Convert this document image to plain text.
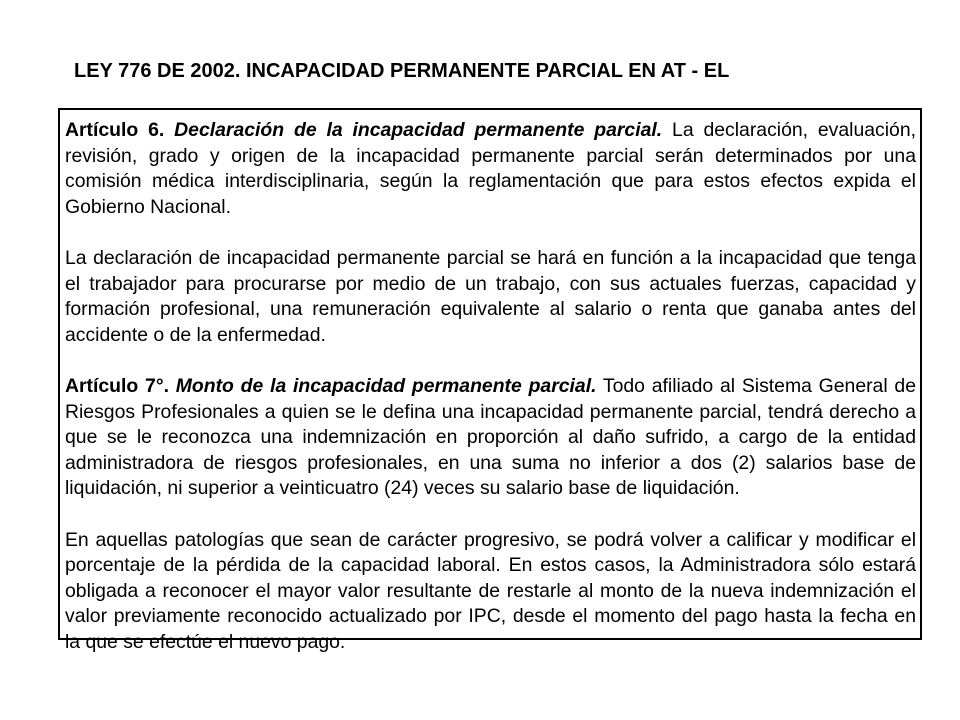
LEY 776 DE 2002. INCAPACIDAD PERMANENTE PARCIAL EN AT - EL

Artículo 6. Declaración de la incapacidad permanente parcial. La declaración, evaluación, revisión, grado y origen de la incapacidad permanente parcial serán determinados por una comisión médica interdisciplinaria, según la reglamentación que para estos efectos expida el Gobierno Nacional.

La declaración de incapacidad permanente parcial se hará en función a la incapacidad que tenga el trabajador para procurarse por medio de un trabajo, con sus actuales fuerzas, capacidad y formación profesional, una remuneración equivalente al salario o renta que ganaba antes del accidente o de la enfermedad.

Artículo 7°. Monto de la incapacidad permanente parcial. Todo afiliado al Sistema General de Riesgos Profesionales a quien se le defina una incapacidad permanente parcial, tendrá derecho a que se le reconozca una indemnización en proporción al daño sufrido, a cargo de la entidad administradora de riesgos profesionales, en una suma no inferior a dos (2) salarios base de liquidación, ni superior a veinticuatro (24) veces su salario base de liquidación.

En aquellas patologías que sean de carácter progresivo, se podrá volver a calificar y modificar el porcentaje de la pérdida de la capacidad laboral. En estos casos, la Administradora sólo estará obligada a reconocer el mayor valor resultante de restarle al monto de la nueva indemnización el valor previamente reconocido actualizado por IPC, desde el momento del pago hasta la fecha en la que se efectúe el nuevo pago.
